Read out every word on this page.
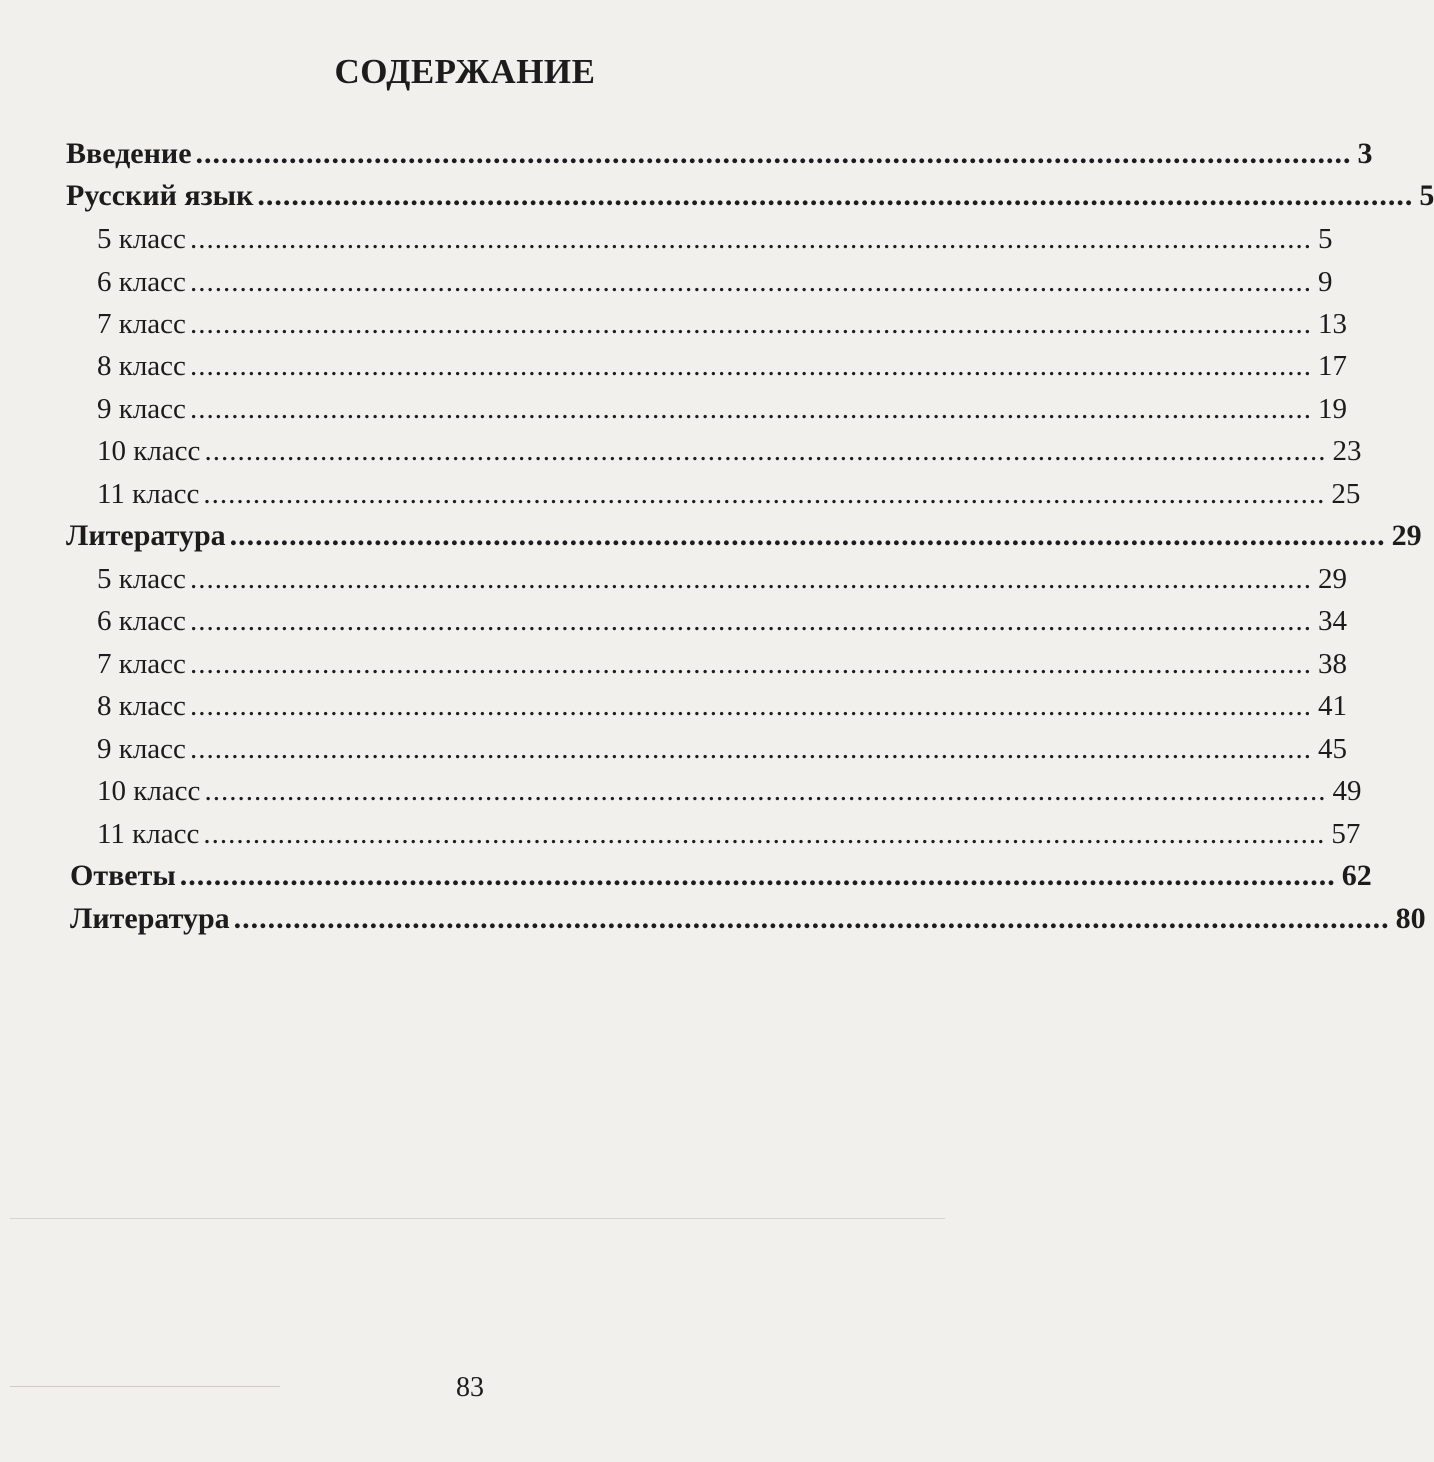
СОДЕРЖАНИЕ
Введение ........................................................................................................................................ 3
Русский язык ........................................................................................................................................ 5
5 класс ........................................................................................................................................ 5
6 класс ........................................................................................................................................ 9
7 класс ........................................................................................................................................ 13
8 класс ........................................................................................................................................ 17
9 класс ........................................................................................................................................ 19
10 класс ........................................................................................................................................ 23
11 класс ........................................................................................................................................ 25
Литература ........................................................................................................................................ 29
5 класс ........................................................................................................................................ 29
6 класс ........................................................................................................................................ 34
7 класс ........................................................................................................................................ 38
8 класс ........................................................................................................................................ 41
9 класс ........................................................................................................................................ 45
10 класс ........................................................................................................................................ 49
11 класс ........................................................................................................................................ 57
Ответы ........................................................................................................................................ 62
Литература ........................................................................................................................................ 80
83
